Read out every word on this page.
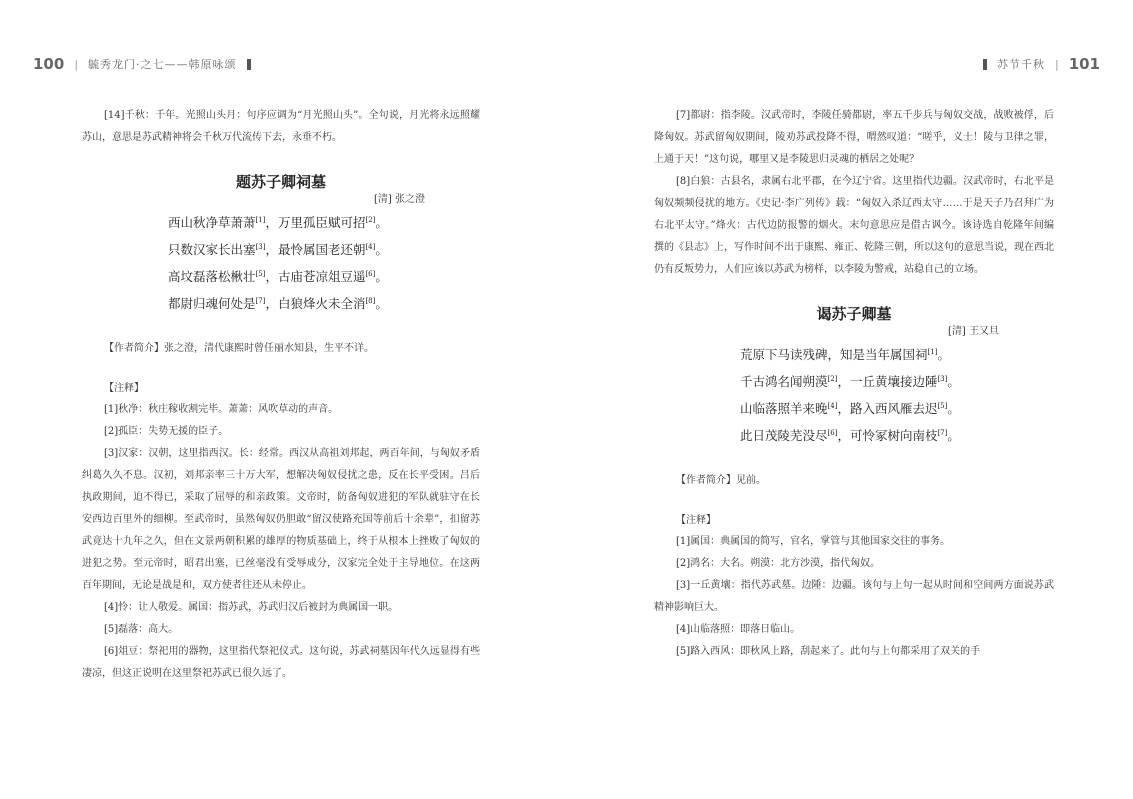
100 | 毓秀龙门·之七——韩原咏颂

[14]千秋：千年。光照山头月：句序应调为“月光照山头”。全句说，月光将永远照耀苏山，意思是苏武精神将会千秋万代流传下去，永垂不朽。

题苏子卿祠墓

[清] 张之澄

西山秋净草萧萧[1]，万里孤臣赋可招[2]。

只数汉家长出塞[3]，最怜属国老还朝[4]。

高坟磊落松楸壮[5]，古庙苍凉俎豆遥[6]。

都尉归魂何处是[7]，白狼烽火未全消[8]。

【作者简介】张之澄，清代康熙时曾任丽水知县，生平不详。

【注释】

[1]秋净：秋庄稼收割完毕。萧萧：风吹草动的声音。

[2]孤臣：失势无援的臣子。

[3]汉家：汉朝，这里指西汉。长：经常。西汉从高祖刘邦起，两百年间，与匈奴矛盾纠葛久久不息。汉初，刘邦亲率三十万大军，想解决匈奴侵扰之患，反在长平受困。吕后执政期间，迫不得已，采取了屈辱的和亲政策。文帝时，防备匈奴进犯的军队就驻守在长安西边百里外的细柳。至武帝时，虽然匈奴仍胆敢“留汉使路充国等前后十余辈”，扣留苏武竟达十九年之久，但在文景两朝积累的雄厚的物质基础上，终于从根本上挫败了匈奴的进犯之势。至元帝时，昭君出塞，已丝毫没有受辱成分，汉家完全处于主导地位。在这两百年期间，无论是战是和，双方使者往还从未停止。

[4]怜：让人敬爱。属国：指苏武，苏武归汉后被封为典属国一职。

[5]磊落：高大。

[6]俎豆：祭祀用的器物，这里指代祭祀仪式。这句说，苏武祠墓因年代久远显得有些凄凉，但这正说明在这里祭祀苏武已很久远了。

苏节千秋 | 101

[7]都尉：指李陵。汉武帝时，李陵任骑都尉，率五千步兵与匈奴交战，战败被俘，后降匈奴。苏武留匈奴期间，陵劝苏武投降不得，喟然叹道：“嗟乎，义士！陵与卫律之罪，上通于天！”这句说，哪里又是李陵思归灵魂的栖居之处呢？

[8]白狼：古县名，隶属右北平郡，在今辽宁省。这里指代边疆。汉武帝时，右北平是匈奴频频侵扰的地方。《史记·李广列传》载：“匈奴入杀辽西太守……于是天子乃召拜广为右北平太守。”烽火：古代边防报警的烟火。末句意思应是借古讽今。该诗选自乾隆年间编撰的《县志》上，写作时间不出于康熙、雍正、乾隆三朝，所以这句的意思当说，现在西北仍有反叛势力，人们应该以苏武为榜样，以李陵为警戒，站稳自己的立场。

谒苏子卿墓

[清] 王又旦

荒原下马读残碑，知是当年属国祠[1]。

千古鸿名闻朔漠[2]，一丘黄壤接边陲[3]。

山临落照羊来晚[4]，路入西风雁去迟[5]。

此日茂陵芜没尽[6]，可怜冢树向南枝[7]。

【作者简介】见前。

【注释】

[1]属国：典属国的简写，官名，掌管与其他国家交往的事务。

[2]鸿名：大名。朔漠：北方沙漠，指代匈奴。

[3]一丘黄壤：指代苏武墓。边陲：边疆。该句与上句一起从时间和空间两方面说苏武精神影响巨大。

[4]山临落照：即落日临山。

[5]路入西风：即秋风上路，刮起来了。此句与上句都采用了双关的手
